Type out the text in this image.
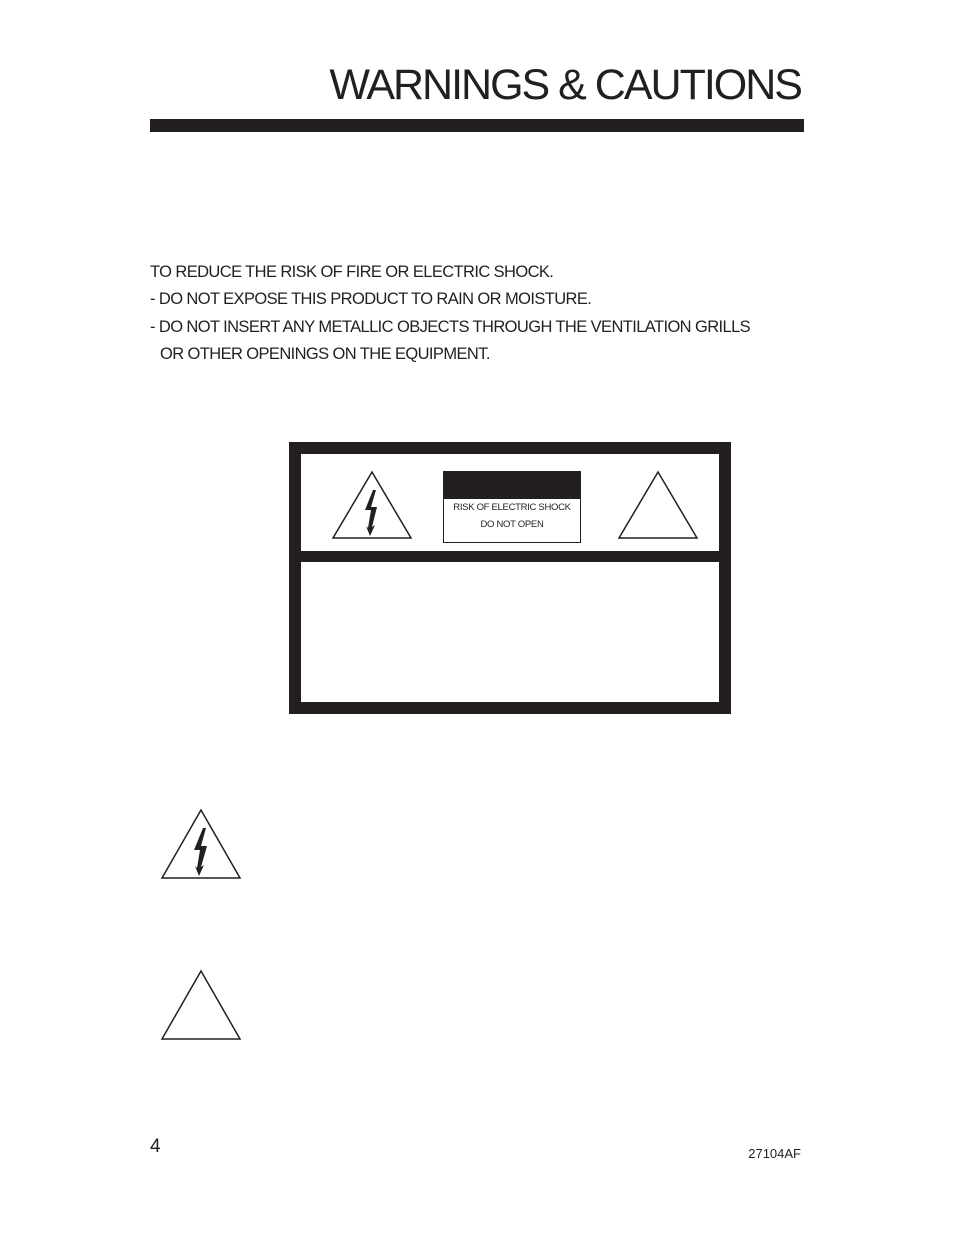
WARNINGS & CAUTIONS
TO REDUCE THE RISK OF FIRE OR ELECTRIC SHOCK.
- DO NOT EXPOSE THIS PRODUCT TO RAIN OR MOISTURE.
- DO NOT INSERT ANY METALLIC OBJECTS THROUGH THE VENTILATION GRILLS
OR OTHER OPENINGS ON THE EQUIPMENT.
RISK OF ELECTRIC SHOCK
DO NOT OPEN
4	27104AF
